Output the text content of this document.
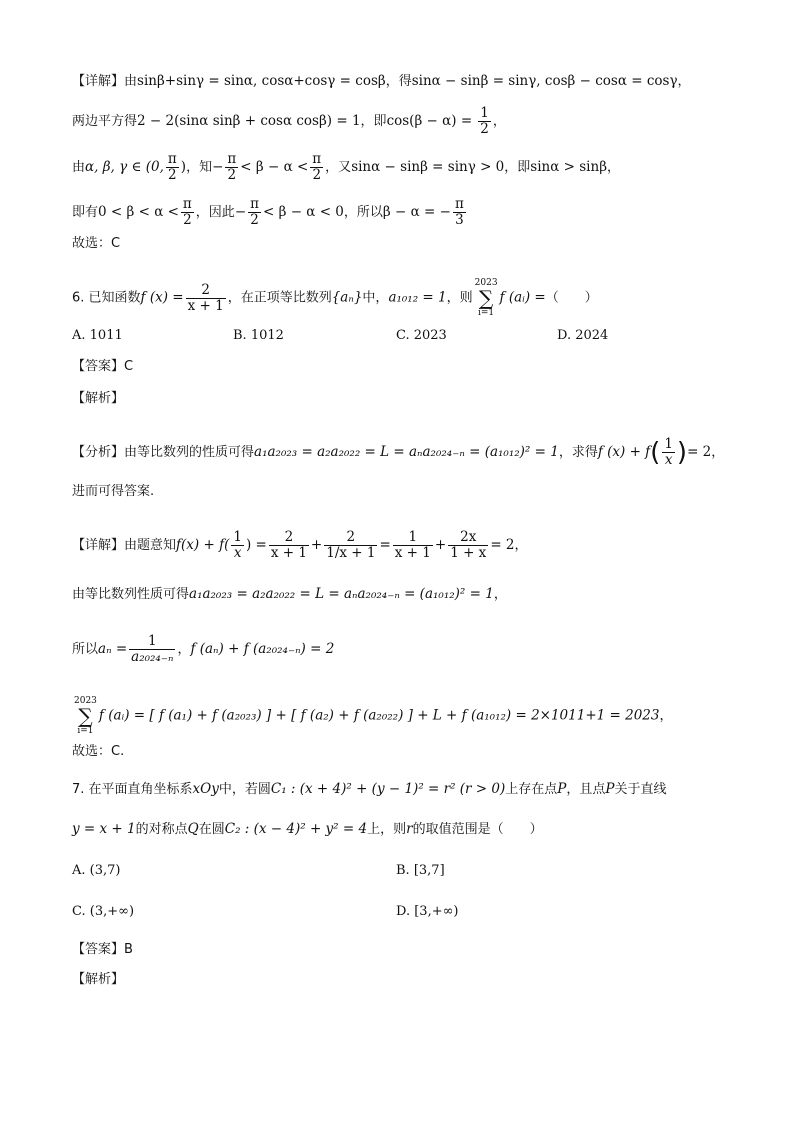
【详解】由sinβ+sinγ = sinα, cosα+cosγ = cosβ，得sinα − sinβ = sinγ, cosβ − cosα = cosγ，
两边平方得2 − 2(sinα sinβ + cosα cosβ) = 1，即$\cos(\beta - \alpha) = \frac{1}{2}$ ，
由α, β, γ ∈ (0, $\frac{\pi}{2}$ )，知− $\frac{\pi}{2} < \beta - \alpha < \frac{\pi}{2}$ ，又sinα − sinβ = sinγ > 0，即sinα > sinβ，
即有$0 < \beta < \alpha < \frac{\pi}{2}$ ，因此− $\frac{\pi}{2} < \beta - \alpha < 0$，所以β − α = − $\frac{\pi}{3}$
故选：C
6. 已知函数f $(x) = \frac{2}{x + 1}$ ，在正项等比数列{aₙ}中，a₁₀₁₂ = 1，则2023
∑
i=1f (aᵢ) =（　　）
A. 1011	B. 1012	C. 2023	D. 2024
【答案】C
【解析】
【分析】由等比数列的性质可得a₁a₂₀₂₃ = a₂a₂₀₂₂ = L = aₙa₂₀₂₄₋ₙ = (a₁₀₁₂)² = 1，求得f $(x) + f( \frac{1}{x}$ )= 2，
进而可得答案.
【详解】由题意知$f(x) + f( \frac{1}{x}$ ) = $\frac{2}{x + 1} + \frac{2}{1/x + 1} = \frac{1}{x + 1} + \frac{2x}{1 + x} = 2$，
由等比数列性质可得a₁a₂₀₂₃ = a₂a₂₀₂₂ = L = aₙa₂₀₂₄₋ₙ = (a₁₀₁₂)² = 1，
所以$a_n = \frac{1}{\text{a₂₀₂₄₋ₙ}}$ ，f (aₙ) + f (a₂₀₂₄₋ₙ) = 2
2023
∑
i=1f (aᵢ) = [ f (a₁) + f (a₂₀₂₃) ] + [ f (a₂) + f (a₂₀₂₂) ] + L + f (a₁₀₁₂) = 2×1011+1 = 2023，
故选：C.
7. 在平面直角坐标系xOy中，若圆C₁ : (x + 4)² + (y − 1)² = r² (r > 0)上存在点P，且点P关于直线
y = x + 1的对称点Q在圆C₂ : (x − 4)² + y² = 4上，则r的取值范围是（　　）
A. (3,7)	B. [3,7]
C. (3,+∞)	D. [3,+∞)
【答案】B
【解析】
